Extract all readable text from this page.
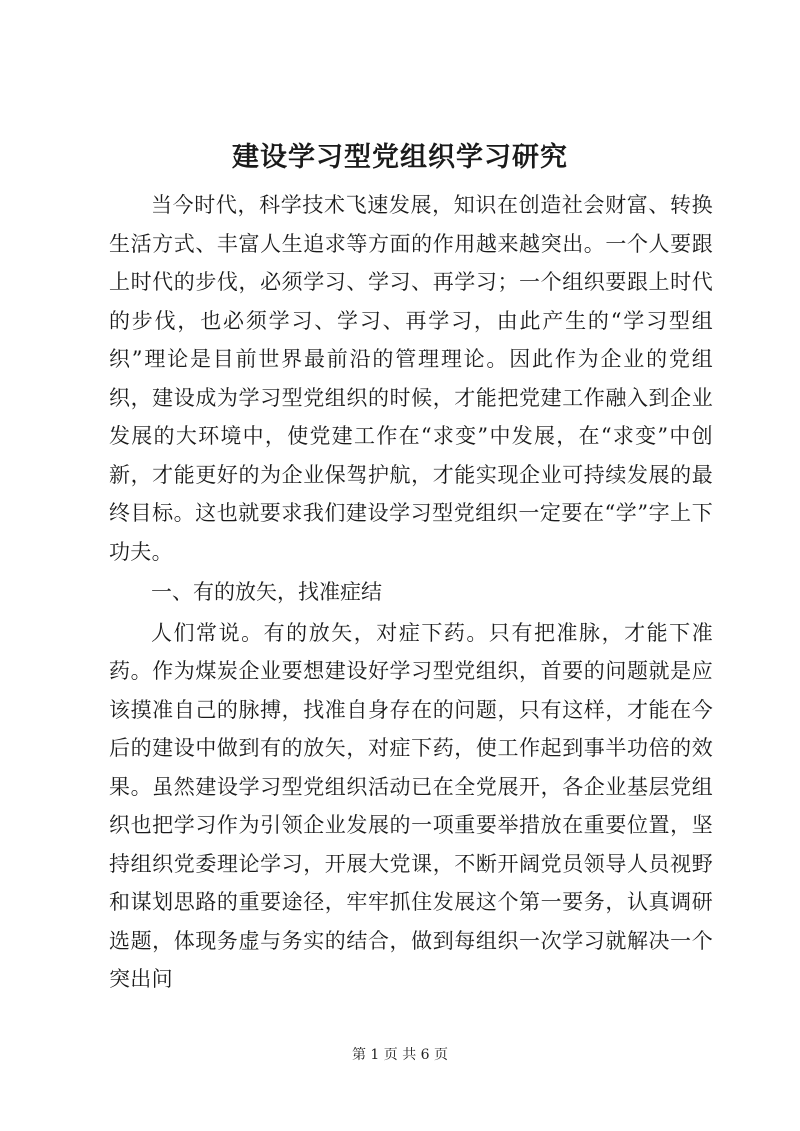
建设学习型党组织学习研究

当今时代，科学技术飞速发展，知识在创造社会财富、转换生活方式、丰富人生追求等方面的作用越来越突出。一个人要跟上时代的步伐，必须学习、学习、再学习；一个组织要跟上时代的步伐，也必须学习、学习、再学习，由此产生的“学习型组织”理论是目前世界最前沿的管理理论。因此作为企业的党组织，建设成为学习型党组织的时候，才能把党建工作融入到企业发展的大环境中，使党建工作在“求变”中发展，在“求变”中创新，才能更好的为企业保驾护航，才能实现企业可持续发展的最终目标。这也就要求我们建设学习型党组织一定要在“学”字上下功夫。

一、有的放矢，找准症结

人们常说。有的放矢，对症下药。只有把准脉，才能下准药。作为煤炭企业要想建设好学习型党组织，首要的问题就是应该摸准自己的脉搏，找准自身存在的问题，只有这样，才能在今后的建设中做到有的放矢，对症下药，使工作起到事半功倍的效果。虽然建设学习型党组织活动已在全党展开，各企业基层党组织也把学习作为引领企业发展的一项重要举措放在重要位置，坚持组织党委理论学习，开展大党课，不断开阔党员领导人员视野和谋划思路的重要途径，牢牢抓住发展这个第一要务，认真调研选题，体现务虚与务实的结合，做到每组织一次学习就解决一个突出问

第 1 页 共 6 页
